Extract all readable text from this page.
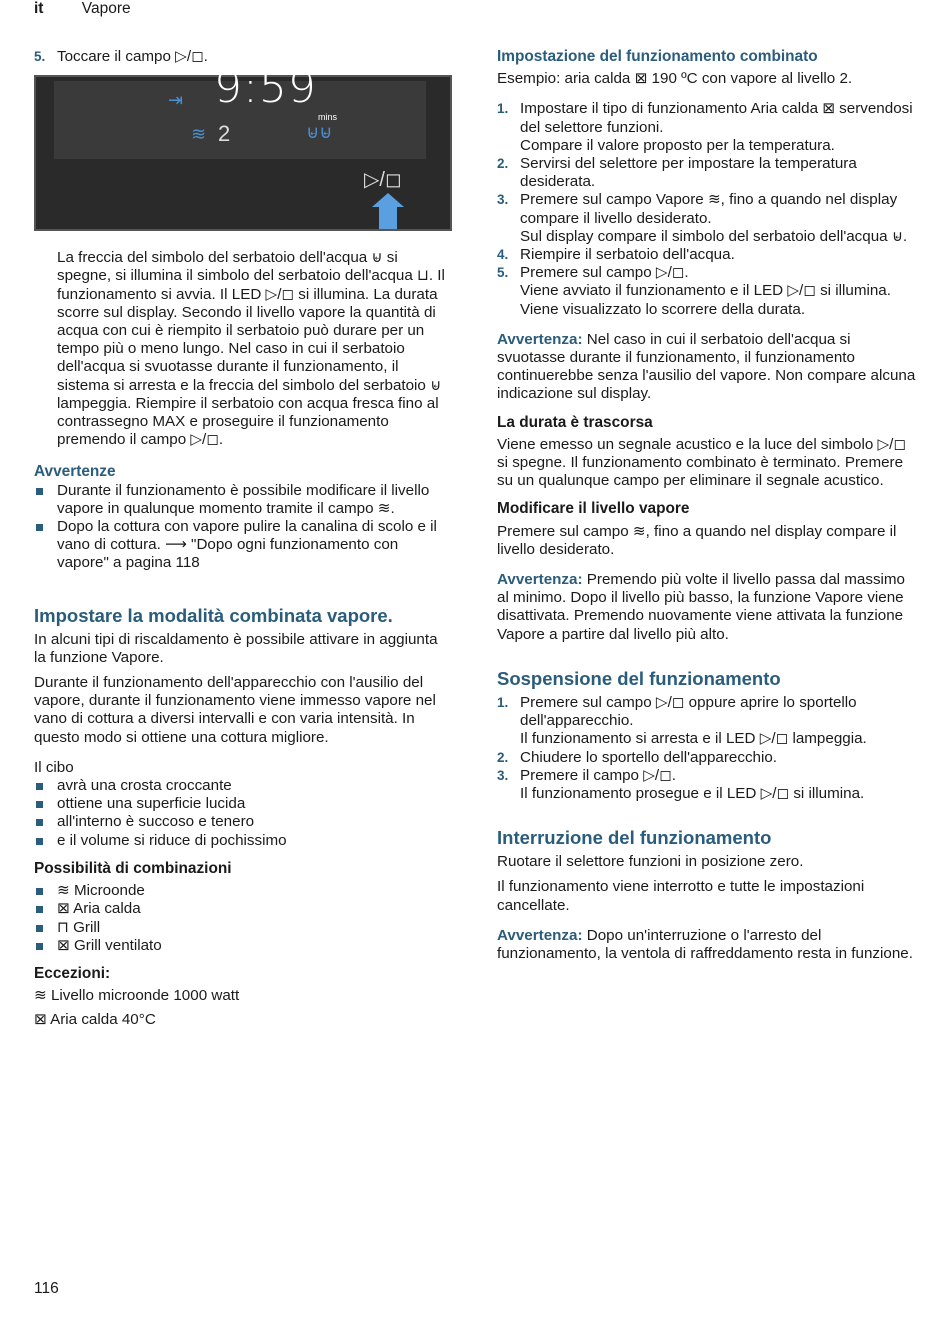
it Vapore
5. Toccare il campo ▷/◻.
⇥
≋
9:59
mins
2	⊌⊌
▷/◻

La freccia del simbolo del serbatoio dell'acqua ⊌ si spegne, si illumina il simbolo del serbatoio dell'acqua ⊔. Il funzionamento si avvia. Il LED ▷/◻ si illumina. La durata scorre sul display. Secondo il livello vapore la quantità di acqua con cui è riempito il serbatoio può durare per un tempo più o meno lungo. Nel caso in cui il serbatoio dell'acqua si svuotasse durante il funzionamento, il sistema si arresta e la freccia del simbolo del serbatoio ⊌ lampeggia. Riempire il serbatoio con acqua fresca fino al contrassegno MAX e proseguire il funzionamento premendo il campo ▷/◻.

Avvertenze
Durante il funzionamento è possibile modificare il livello vapore in qualunque momento tramite il campo ≋.
Dopo la cottura con vapore pulire la canalina di scolo e il vano di cottura. ⟶ "Dopo ogni funzionamento con vapore" a pagina 118
Impostare la modalità combinata vapore.

In alcuni tipi di riscaldamento è possibile attivare in aggiunta la funzione Vapore.

Durante il funzionamento dell'apparecchio con l'ausilio del vapore, durante il funzionamento viene immesso vapore nel vano di cottura a diversi intervalli e con varia intensità. In questo modo si ottiene una cottura migliore.

Il cibo

avrà una crosta croccante
ottiene una superficie lucida
all'interno è succoso e tenero
e il volume si riduce di pochissimo
Possibilità di combinazioni
≋ Microonde
⊠ Aria calda
⊓ Grill
⊠ Grill ventilato
Eccezioni:

≋ Livello microonde 1000 watt

⊠ Aria calda 40°C

Impostazione del funzionamento combinato

Esempio: aria calda ⊠ 190 ºC con vapore al livello 2.

1. Impostare il tipo di funzionamento Aria calda ⊠ servendosi del selettore funzioni.
Compare il valore proposto per la temperatura.
2. Servirsi del selettore per impostare la temperatura desiderata.
3. Premere sul campo Vapore ≋, fino a quando nel display compare il livello desiderato.
Sul display compare il simbolo del serbatoio dell'acqua ⊌.
4. Riempire il serbatoio dell'acqua.
5. Premere sul campo ▷/◻.
Viene avviato il funzionamento e il LED ▷/◻ si illumina. Viene visualizzato lo scorrere della durata.

Avvertenza: Nel caso in cui il serbatoio dell'acqua si svuotasse durante il funzionamento, il funzionamento continuerebbe senza l'ausilio del vapore. Non compare alcuna indicazione sul display.

La durata è trascorsa

Viene emesso un segnale acustico e la luce del simbolo ▷/◻ si spegne. Il funzionamento combinato è terminato. Premere su un qualunque campo per eliminare il segnale acustico.

Modificare il livello vapore

Premere sul campo ≋, fino a quando nel display compare il livello desiderato.

Avvertenza: Premendo più volte il livello passa dal massimo al minimo. Dopo il livello più basso, la funzione Vapore viene disattivata. Premendo nuovamente viene attivata la funzione Vapore a partire dal livello più alto.

Sospensione del funzionamento
1. Premere sul campo ▷/◻ oppure aprire lo sportello dell'apparecchio.
Il funzionamento si arresta e il LED ▷/◻ lampeggia.
2. Chiudere lo sportello dell'apparecchio.
3. Premere il campo ▷/◻.
Il funzionamento prosegue e il LED ▷/◻ si illumina.
Interruzione del funzionamento

Ruotare il selettore funzioni in posizione zero.

Il funzionamento viene interrotto e tutte le impostazioni cancellate.

Avvertenza: Dopo un'interruzione o l'arresto del funzionamento, la ventola di raffreddamento resta in funzione.

116
